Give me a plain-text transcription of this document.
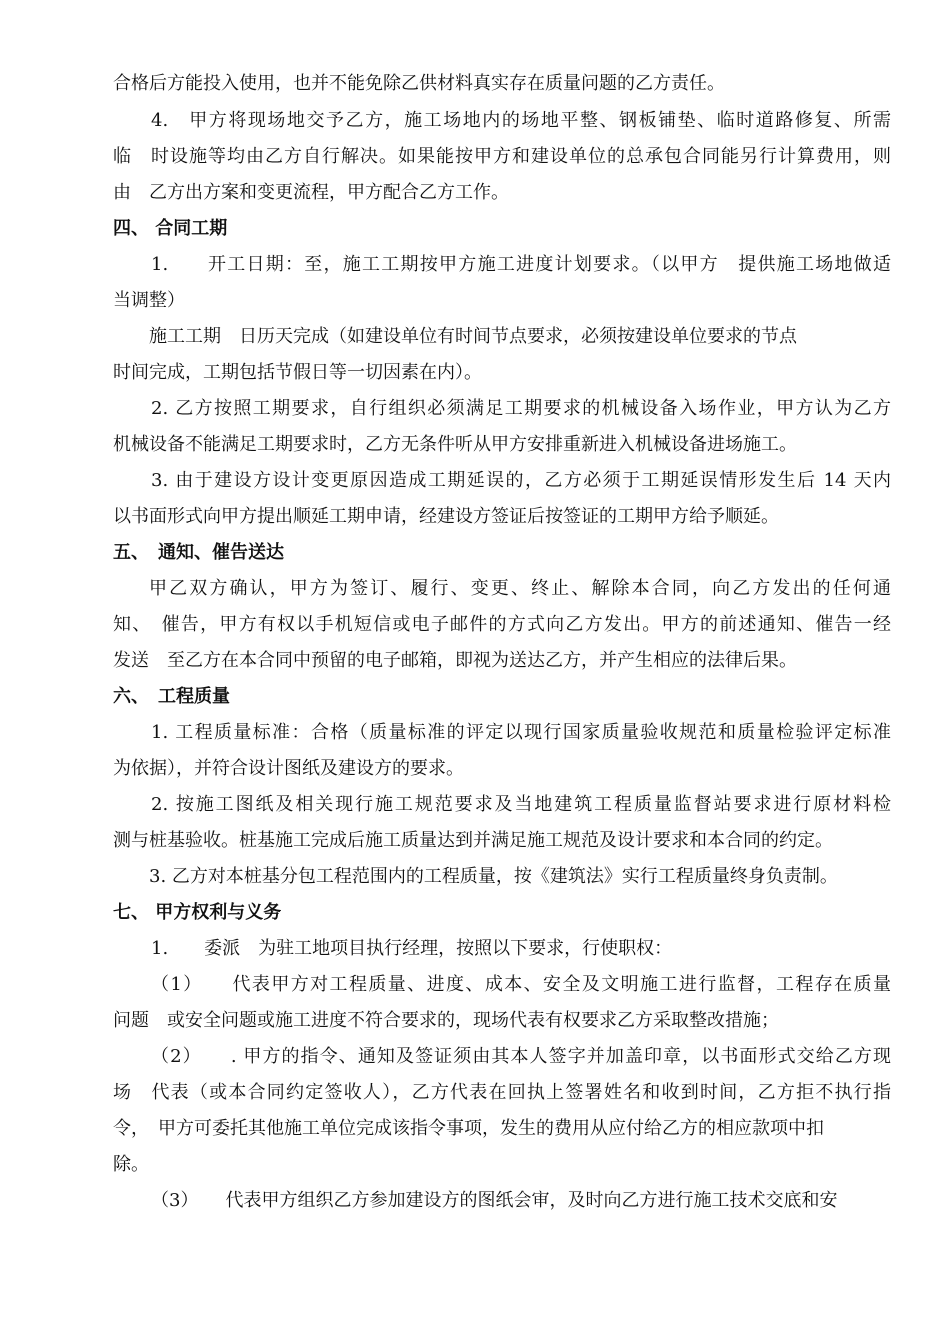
合格后方能投入使用，也并不能免除乙供材料真实存在质量问题的乙方责任。
4.　甲方将现场地交予乙方，施工场地内的场地平整、钢板铺垫、临时道路修复、所需
临　时设施等均由乙方自行解决。如果能按甲方和建设单位的总承包合同能另行计算费用，则
由　乙方出方案和变更流程，甲方配合乙方工作。
四、 合同工期
1.　　开工日期：至，施工工期按甲方施工进度计划要求。（以甲方　提供施工场地做适
当调整）
施工工期　日历天完成（如建设单位有时间节点要求，必须按建设单位要求的节点
时间完成，工期包括节假日等一切因素在内）。
2. 乙方按照工期要求，自行组织必须满足工期要求的机械设备入场作业，甲方认为乙方
机械设备不能满足工期要求时，乙方无条件听从甲方安排重新进入机械设备进场施工。
3. 由于建设方设计变更原因造成工期延误的，乙方必须于工期延误情形发生后 14 天内
以书面形式向甲方提出顺延工期申请，经建设方签证后按签证的工期甲方给予顺延。
五、　通知、催告送达
甲乙双方确认，甲方为签订、履行、变更、终止、解除本合同，向乙方发出的任何通
知、　催告，甲方有权以手机短信或电子邮件的方式向乙方发出。甲方的前述通知、催告一经
发送　至乙方在本合同中预留的电子邮箱，即视为送达乙方，并产生相应的法律后果。
六、　工程质量
1. 工程质量标准：合格（质量标准的评定以现行国家质量验收规范和质量检验评定标准
为依据），并符合设计图纸及建设方的要求。
2. 按施工图纸及相关现行施工规范要求及当地建筑工程质量监督站要求进行原材料检
测与桩基验收。桩基施工完成后施工质量达到并满足施工规范及设计要求和本合同的约定。
3. 乙方对本桩基分包工程范围内的工程质量，按《建筑法》实行工程质量终身负责制。
七、 甲方权利与义务
1.　　委派　为驻工地项目执行经理，按照以下要求，行使职权：
（1）　　代表甲方对工程质量、进度、成本、安全及文明施工进行监督，工程存在质量
问题　或安全问题或施工进度不符合要求的，现场代表有权要求乙方采取整改措施；
（2）　　. 甲方的指令、通知及签证须由其本人签字并加盖印章，以书面形式交给乙方现
场　代表（或本合同约定签收人），乙方代表在回执上签署姓名和收到时间，乙方拒不执行指
令，　甲方可委托其他施工单位完成该指令事项，发生的费用从应付给乙方的相应款项中扣
除。
（3）　　代表甲方组织乙方参加建设方的图纸会审，及时向乙方进行施工技术交底和安
